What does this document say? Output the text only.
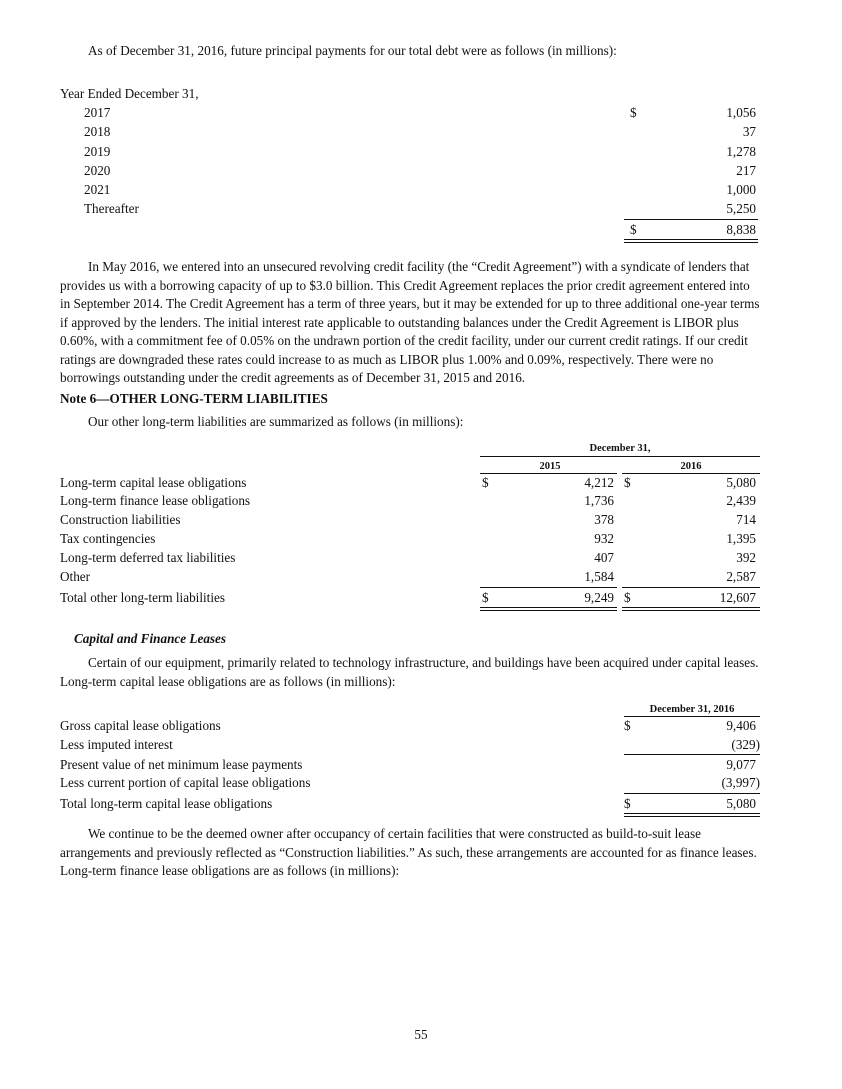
As of December 31, 2016, future principal payments for our total debt were as follows (in millions):

Year Ended December 31,
2017	$	1,056
2018	37
2019	1,278
2020	217
2021	1,000
Thereafter	5,250
$	8,838

In May 2016, we entered into an unsecured revolving credit facility (the “Credit Agreement”) with a syndicate of lenders that provides us with a borrowing capacity of up to $3.0 billion. This Credit Agreement replaces the prior credit agreement entered into in September 2014. The Credit Agreement has a term of three years, but it may be extended for up to three additional one-year terms if approved by the lenders. The initial interest rate applicable to outstanding balances under the Credit Agreement is LIBOR plus 0.60%, with a commitment fee of 0.05% on the undrawn portion of the credit facility, under our current credit ratings. If our credit ratings are downgraded these rates could increase to as much as LIBOR plus 1.00% and 0.09%, respectively. There were no borrowings outstanding under the credit agreements as of December 31, 2015 and 2016.

Note 6—OTHER LONG-TERM LIABILITIES

Our other long-term liabilities are summarized as follows (in millions):

December 31,
2015	2016
Long-term capital lease obligations	$	4,212 $	5,080
Long-term finance lease obligations	1,736	2,439
Construction liabilities	378	714
Tax contingencies	932	1,395
Long-term deferred tax liabilities	407	392
Other	1,584	2,587
Total other long-term liabilities	$	9,249 $	12,607
Capital and Finance Leases

Certain of our equipment, primarily related to technology infrastructure, and buildings have been acquired under capital leases. Long-term capital lease obligations are as follows (in millions):

December 31, 2016
Gross capital lease obligations	$	9,406
Less imputed interest	(329)
Present value of net minimum lease payments	9,077
Less current portion of capital lease obligations	(3,997)
Total long-term capital lease obligations	$	5,080

We continue to be the deemed owner after occupancy of certain facilities that were constructed as build-to-suit lease arrangements and previously reflected as “Construction liabilities.” As such, these arrangements are accounted for as finance leases. Long-term finance lease obligations are as follows (in millions):

55
